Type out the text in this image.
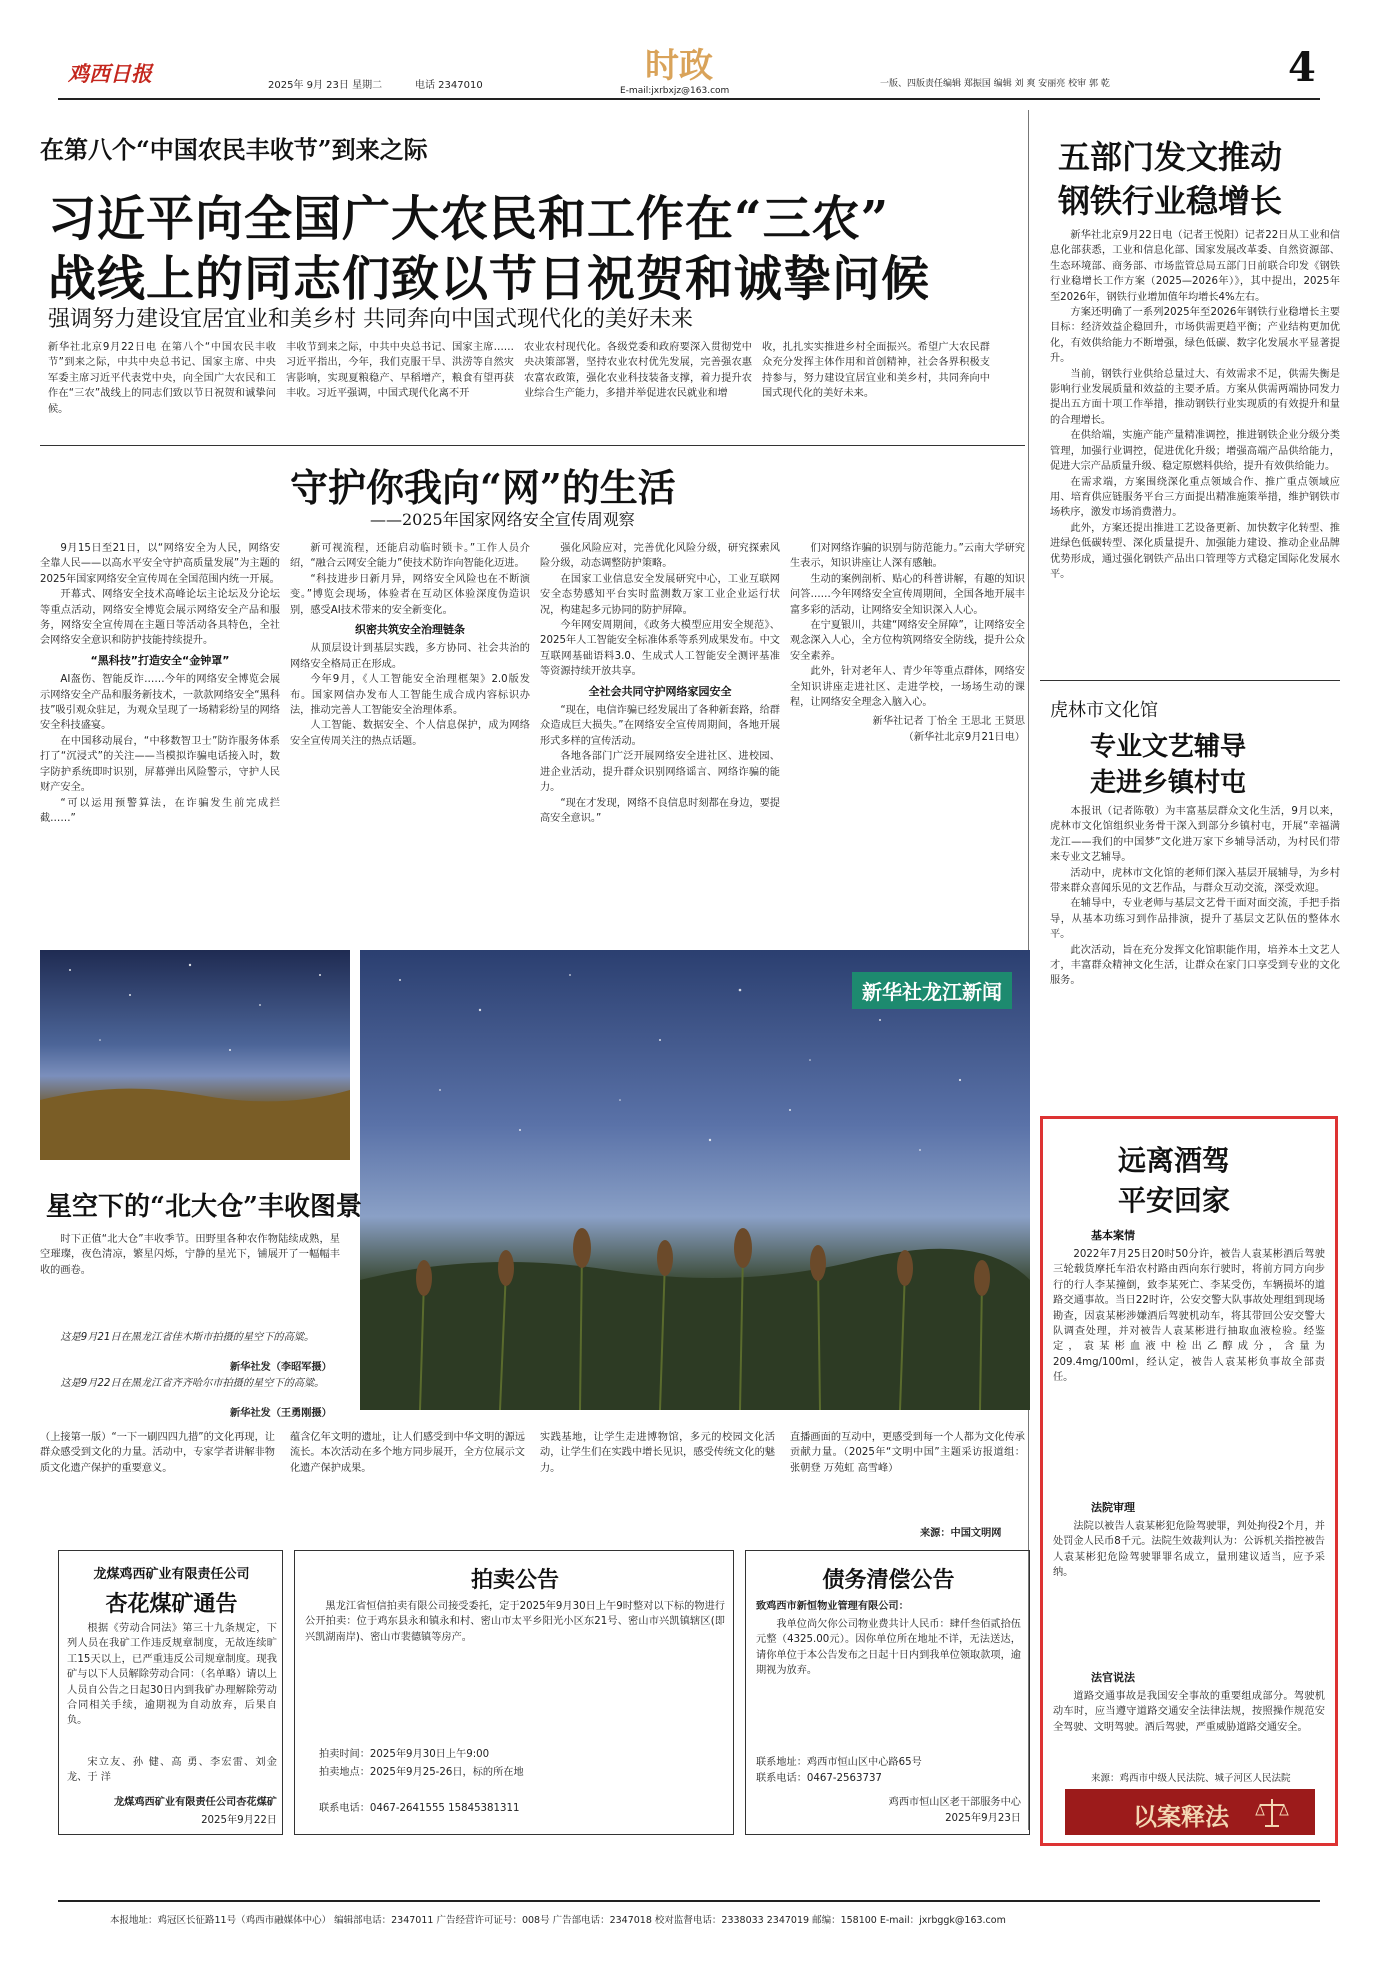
鸡西日报	2025年 9月 23日 星期二	电话 2347010	时政
E-mail:jxrbxjz@163.com
一版、四版责任编辑 郑振国 编辑 刘 爽 安丽亮 校审 郭 乾	4
在第八个“中国农民丰收节”到来之际
习近平向全国广大农民和工作在“三农”
战线上的同志们致以节日祝贺和诚挚问候
强调努力建设宜居宜业和美乡村 共同奔向中国式现代化的美好未来
新华社北京9月22日电 在第八个“中国农民丰收节”到来之际，中共中央总书记、国家主席、中央军委主席习近平代表党中央，向全国广大农民和工作在“三农”战线上的同志们致以节日祝贺和诚挚问候。
丰收节到来之际，中共中央总书记、国家主席……习近平指出，今年，我们克服干旱、洪涝等自然灾害影响，实现夏粮稳产、早稻增产，粮食有望再获丰收。习近平强调，中国式现代化离不开
农业农村现代化。各级党委和政府要深入贯彻党中央决策部署，坚持农业农村优先发展，完善强农惠农富农政策，强化农业科技装备支撑，着力提升农业综合生产能力，多措并举促进农民就业和增
收，扎扎实实推进乡村全面振兴。希望广大农民群众充分发挥主体作用和首创精神，社会各界积极支持参与，努力建设宜居宜业和美乡村，共同奔向中国式现代化的美好未来。
五部门发文推动
钢铁行业稳增长

新华社北京9月22日电（记者王悦阳）记者22日从工业和信息化部获悉，工业和信息化部、国家发展改革委、自然资源部、生态环境部、商务部、市场监管总局五部门日前联合印发《钢铁行业稳增长工作方案（2025—2026年）》，其中提出，2025年至2026年，钢铁行业增加值年均增长4%左右。

方案还明确了一系列2025年至2026年钢铁行业稳增长主要目标：经济效益企稳回升，市场供需更趋平衡；产业结构更加优化，有效供给能力不断增强，绿色低碳、数字化发展水平显著提升。

当前，钢铁行业供给总量过大、有效需求不足，供需失衡是影响行业发展质量和效益的主要矛盾。方案从供需两端协同发力提出五方面十项工作举措，推动钢铁行业实现质的有效提升和量的合理增长。

在供给端，实施产能产量精准调控，推进钢铁企业分级分类管理，加强行业调控，促进优化升级；增强高端产品供给能力，促进大宗产品质量升级、稳定原燃料供给，提升有效供给能力。

在需求端，方案围绕深化重点领域合作、推广重点领域应用、培育供应链服务平台三方面提出精准施策举措，维护钢铁市场秩序，激发市场消费潜力。

此外，方案还提出推进工艺设备更新、加快数字化转型、推进绿色低碳转型、深化质量提升、加强能力建设、推动企业品牌优势形成，通过强化钢铁产品出口管理等方式稳定国际化发展水平。

虎林市文化馆
专业文艺辅导
走进乡镇村屯

本报讯（记者陈敬）为丰富基层群众文化生活，9月以来，虎林市文化馆组织业务骨干深入到部分乡镇村屯，开展“幸福满龙江——我们的中国梦”文化进万家下乡辅导活动，为村民们带来专业文艺辅导。

活动中，虎林市文化馆的老师们深入基层开展辅导，为乡村带来群众喜闻乐见的文艺作品，与群众互动交流，深受欢迎。

在辅导中，专业老师与基层文艺骨干面对面交流，手把手指导，从基本功练习到作品排演，提升了基层文艺队伍的整体水平。

此次活动，旨在充分发挥文化馆职能作用，培养本土文艺人才，丰富群众精神文化生活，让群众在家门口享受到专业的文化服务。

远离酒驾
平安回家
基本案情
2022年7月25日20时50分许，被告人袁某彬酒后驾驶三轮载货摩托车沿农村路由西向东行驶时，将前方同方向步行的行人李某撞倒，致李某死亡、李某受伤，车辆损坏的道路交通事故。当日22时许，公安交警大队事故处理组到现场勘查，因袁某彬涉嫌酒后驾驶机动车，将其带回公安交警大队调查处理，并对被告人袁某彬进行抽取血液检验。经鉴定，袁某彬血液中检出乙醇成分，含量为209.4mg/100ml，经认定，被告人袁某彬负事故全部责任。
法院审理
法院以被告人袁某彬犯危险驾驶罪，判处拘役2个月，并处罚金人民币8千元。法院生效裁判认为：公诉机关指控被告人袁某彬犯危险驾驶罪罪名成立，量刑建议适当，应予采纳。
法官说法
道路交通事故是我国安全事故的重要组成部分。驾驶机动车时，应当遵守道路交通安全法律法规，按照操作规范安全驾驶、文明驾驶。酒后驾驶，严重威胁道路交通安全。
来源：鸡西市中级人民法院、城子河区人民法院
以案释法
守护你我向“网”的生活
——2025年国家网络安全宣传周观察

9月15日至21日，以“网络安全为人民，网络安全靠人民——以高水平安全守护高质量发展”为主题的2025年国家网络安全宣传周在全国范围内统一开展。

开幕式、网络安全技术高峰论坛主论坛及分论坛等重点活动，网络安全博览会展示网络安全产品和服务，网络安全宣传周在主题日等活动各具特色，全社会网络安全意识和防护技能持续提升。

“黑科技”打造安全“金钟罩”

AI盔伤、智能反诈……今年的网络安全博览会展示网络安全产品和服务新技术，一款款网络安全“黑科技”吸引观众驻足，为观众呈现了一场精彩纷呈的网络安全科技盛宴。

在中国移动展台，“中移数智卫士”防诈服务体系打了“沉浸式”的关注——当模拟诈骗电话接入时，数字防护系统即时识别，屏幕弹出风险警示，守护人民财产安全。

“可以运用预警算法，在诈骗发生前完成拦截……”

新可视流程，还能启动临时锁卡。”工作人员介绍，“融合云网安全能力”使技术防诈向智能化迈进。

“科技进步日新月异，网络安全风险也在不断演变。”博览会现场，体验者在互动区体验深度伪造识别，感受AI技术带来的安全新变化。

织密共筑安全治理链条

从顶层设计到基层实践，多方协同、社会共治的网络安全格局正在形成。

今年9月，《人工智能安全治理框架》2.0版发布。国家网信办发布人工智能生成合成内容标识办法，推动完善人工智能安全治理体系。

人工智能、数据安全、个人信息保护，成为网络安全宣传周关注的热点话题。

强化风险应对，完善优化风险分级，研究探索风险分级，动态调整防护策略。

在国家工业信息安全发展研究中心，工业互联网安全态势感知平台实时监测数万家工业企业运行状况，构建起多元协同的防护屏障。

今年网安周期间，《政务大模型应用安全规范》、2025年人工智能安全标准体系等系列成果发布。中文互联网基础语料3.0、生成式人工智能安全测评基准等资源持续开放共享。

全社会共同守护网络家园安全

“现在，电信诈骗已经发展出了各种新套路，给群众造成巨大损失。”在网络安全宣传周期间，各地开展形式多样的宣传活动。

各地各部门广泛开展网络安全进社区、进校园、进企业活动，提升群众识别网络谣言、网络诈骗的能力。

“现在才发现，网络不良信息时刻都在身边，要提高安全意识。”

们对网络诈骗的识别与防范能力。”云南大学研究生表示，知识讲座让人深有感触。

生动的案例剖析、贴心的科普讲解，有趣的知识问答……今年网络安全宣传周期间，全国各地开展丰富多彩的活动，让网络安全知识深入人心。

在宁夏银川，共建“网络安全屏障”，让网络安全观念深入人心，全方位构筑网络安全防线，提升公众安全素养。

此外，针对老年人、青少年等重点群体，网络安全知识讲座走进社区、走进学校，一场场生动的课程，让网络安全理念入脑入心。

新华社记者 丁怡全 王思北 王贤思
（新华社北京9月21日电）
新华社龙江新闻
星空下的“北大仓”丰收图景
时下正值“北大仓”丰收季节。田野里各种农作物陆续成熟，星空璀璨，夜色清凉，繁星闪烁，宁静的星光下，铺展开了一幅幅丰收的画卷。
这是9月21日在黑龙江省佳木斯市拍摄的星空下的高粱。
新华社发（李昭军摄）
这是9月22日在黑龙江省齐齐哈尔市拍摄的星空下的高粱。
新华社发（王勇刚摄）
（上接第一版）“一下一刷四四九措”的文化再现，让群众感受到文化的力量。活动中，专家学者讲解非物质文化遗产保护的重要意义。
蕴含亿年文明的遗址，让人们感受到中华文明的源远流长。本次活动在多个地方同步展开，全方位展示文化遗产保护成果。
实践基地，让学生走进博物馆，多元的校园文化活动，让学生们在实践中增长见识，感受传统文化的魅力。
直播画面的互动中，更感受到每一个人都为文化传承贡献力量。（2025年“文明中国”主题采访报道组：张朝登 万苑虹 高雪峰）
来源：中国文明网
龙煤鸡西矿业有限责任公司
杏花煤矿通告
根据《劳动合同法》第三十九条规定，下列人员在我矿工作违反规章制度，无故连续旷工15天以上，已严重违反公司规章制度。现我矿与以下人员解除劳动合同：（名单略）请以上人员自公告之日起30日内到我矿办理解除劳动合同相关手续，逾期视为自动放弃，后果自负。
宋立友、孙 健、高 勇、李宏雷、刘金龙、于 洋
龙煤鸡西矿业有限责任公司杏花煤矿
2025年9月22日
拍卖公告
黑龙江省恒信拍卖有限公司接受委托，定于2025年9月30日上午9时整对以下标的物进行公开拍卖：位于鸡东县永和镇永和村、密山市太平乡阳光小区东21号、密山市兴凯镇辖区(即兴凯湖南岸)、密山市裴德镇等房产。
拍卖时间：2025年9月30日上午9:00
拍卖地点：2025年9月25-26日，标的所在地
联系电话：0467-2641555 15845381311
债务清偿公告
致鸡西市新恒物业管理有限公司：
我单位尚欠你公司物业费共计人民币：肆仟叁佰贰拾伍元整（4325.00元）。因你单位所在地址不详，无法送达，请你单位于本公告发布之日起十日内到我单位领取款项，逾期视为放弃。
联系地址：鸡西市恒山区中心路65号
联系电话：0467-2563737
鸡西市恒山区老干部服务中心
2025年9月23日
本报地址：鸡冠区长征路11号（鸡西市融媒体中心） 编辑部电话：2347011 广告经营许可证号：008号 广告部电话：2347018 校对监督电话：2338033 2347019 邮编：158100 E-mail：jxrbggk@163.com
